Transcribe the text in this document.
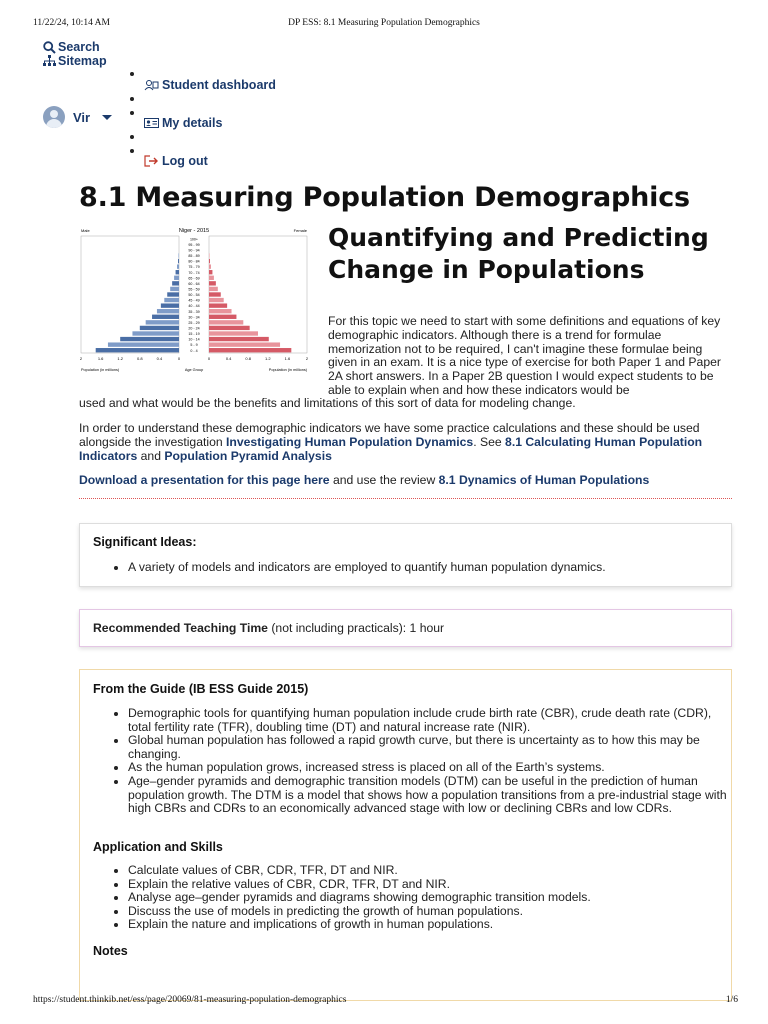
11/22/24, 10:14 AM	DP ESS: 8.1 Measuring Population Demographics
Search
Sitemap
Vir
Student dashboard
My details
Log out
8.1 Measuring Population Demographics
Quantifying and Predicting Change in Populations
Niger - 2015
Male	Female
100+
95 - 99
90 - 94
85 - 89
80 - 84
75 - 79
70 - 74
65 - 69
60 - 64
55 - 59
50 - 54
45 - 49
40 - 44
35 - 39
30 - 34
25 - 29
20 - 24
15 - 19
10 - 14
5 - 9
0 - 4
2	1.6	1.2	0.8	0.4	0	0	0.4	0.8	1.2	1.6	2
Population (in millions)	Age Group	Population (in millions)
For this topic we need to start with some definitions and equations of key demographic indicators. Although there is a trend for formulae memorization not to be required, I can't imagine these formulae being given in an exam. It is a nice type of exercise for both Paper 1 and Paper 2A short answers. In a Paper 2B question I would expect students to be able to explain when and how these indicators would be
used and what would be the benefits and limitations of this sort of data for modeling change.
In order to understand these demographic indicators we have some practice calculations and these should be used alongside the investigation Investigating Human Population Dynamics. See 8.1 Calculating Human Population Indicators and Population Pyramid Analysis
Download a presentation for this page here and use the review 8.1 Dynamics of Human Populations
Significant Ideas:
• A variety of models and indicators are employed to quantify human population dynamics.
Recommended Teaching Time (not including practicals): 1 hour
From the Guide (IB ESS Guide 2015)
• Demographic tools for quantifying human population include crude birth rate (CBR), crude death rate (CDR), total fertility rate (TFR), doubling time (DT) and natural increase rate (NIR).
• Global human population has followed a rapid growth curve, but there is uncertainty as to how this may be changing.
• As the human population grows, increased stress is placed on all of the Earth’s systems.
• Age–gender pyramids and demographic transition models (DTM) can be useful in the prediction of human population growth. The DTM is a model that shows how a population transitions from a pre-industrial stage with high CBRs and CDRs to an economically advanced stage with low or declining CBRs and low CDRs.
Application and Skills
• Calculate values of CBR, CDR, TFR, DT and NIR.
• Explain the relative values of CBR, CDR, TFR, DT and NIR.
• Analyse age–gender pyramids and diagrams showing demographic transition models.
• Discuss the use of models in predicting the growth of human populations.
• Explain the nature and implications of growth in human populations.
Notes
https://student.thinkib.net/ess/page/20069/81-measuring-population-demographics	1/6
